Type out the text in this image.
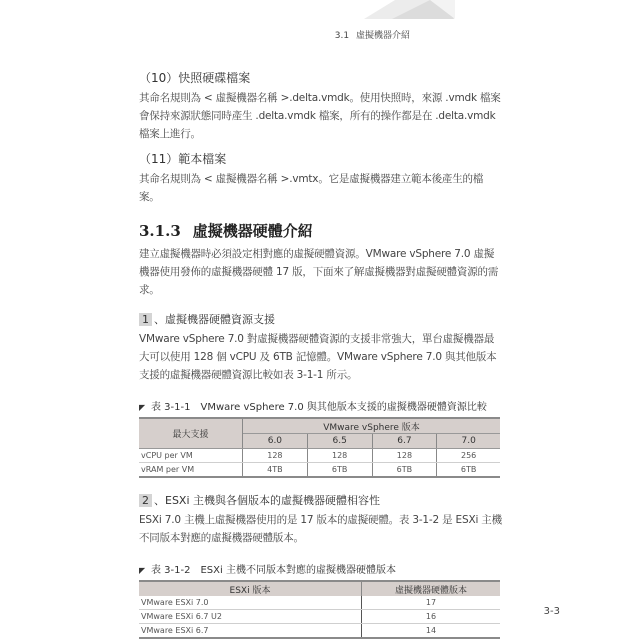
3.1 虛擬機器介紹

（10）快照硬碟檔案

其命名規則為 < 虛擬機器名稱 >.delta.vmdk。使用快照時，來源 .vmdk 檔案會保持來源狀態同時產生 .delta.vmdk 檔案，所有的操作都是在 .delta.vmdk 檔案上進行。

（11）範本檔案

其命名規則為 < 虛擬機器名稱 >.vmtx。它是虛擬機器建立範本後產生的檔案。

3.1.3 虛擬機器硬體介紹

建立虛擬機器時必須設定相對應的虛擬硬體資源。VMware vSphere 7.0 虛擬機器使用發佈的虛擬機器硬體 17 版，下面來了解虛擬機器對虛擬硬體資源的需求。

1 、虛擬機器硬體資源支援

VMware vSphere 7.0 對虛擬機器硬體資源的支援非常強大，單台虛擬機器最大可以使用 128 個 vCPU 及 6TB 記憶體。VMware vSphere 7.0 與其他版本支援的虛擬機器硬體資源比較如表 3-1-1 所示。

◤ 表 3-1-1 VMware vSphere 7.0 與其他版本支援的虛擬機器硬體資源比較
最大支援	VMware vSphere 版本			
	6.0	6.5	6.7	7.0
vCPU per VM	128	128	128	256
vRAM per VM	4TB	6TB	6TB	6TB
2 、ESXi 主機與各個版本的虛擬機器硬體相容性

ESXi 7.0 主機上虛擬機器使用的是 17 版本的虛擬硬體。表 3-1-2 是 ESXi 主機不同版本對應的虛擬機器硬體版本。

◤ 表 3-1-2 ESXi 主機不同版本對應的虛擬機器硬體版本
ESXi 版本	虛擬機器硬體版本
VMware ESXi 7.0	17
VMware ESXi 6.7 U2	16
VMware ESXi 6.7	14
3-3
